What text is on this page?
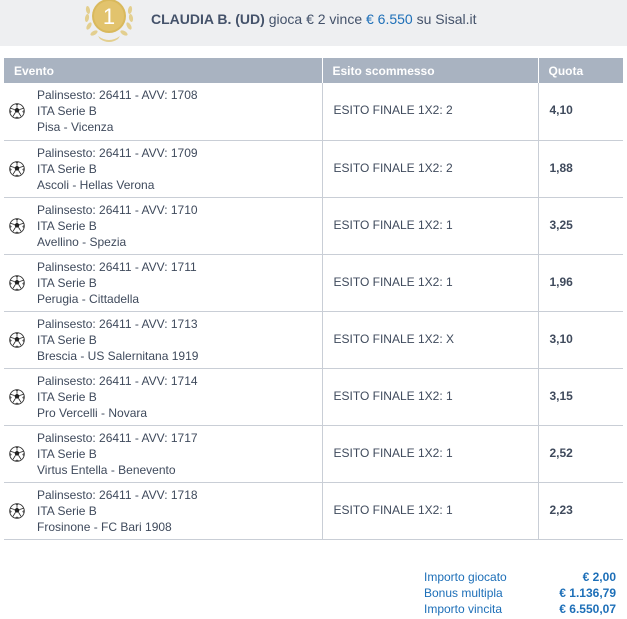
1	CLAUDIA B. (UD) gioca € 2 vince € 6.550 su Sisal.it
Evento	Esito scommesso	Quota

Palinsesto: 26411 - AVV: 1708
ITA Serie B
Pisa - Vicenza	ESITO FINALE 1X2: 2	4,10

Palinsesto: 26411 - AVV: 1709
ITA Serie B
Ascoli - Hellas Verona	ESITO FINALE 1X2: 2	1,88

Palinsesto: 26411 - AVV: 1710
ITA Serie B
Avellino - Spezia	ESITO FINALE 1X2: 1	3,25

Palinsesto: 26411 - AVV: 1711
ITA Serie B
Perugia - Cittadella	ESITO FINALE 1X2: 1	1,96

Palinsesto: 26411 - AVV: 1713
ITA Serie B
Brescia - US Salernitana 1919	ESITO FINALE 1X2: X	3,10

Palinsesto: 26411 - AVV: 1714
ITA Serie B
Pro Vercelli - Novara	ESITO FINALE 1X2: 1	3,15

Palinsesto: 26411 - AVV: 1717
ITA Serie B
Virtus Entella - Benevento	ESITO FINALE 1X2: 1	2,52

Palinsesto: 26411 - AVV: 1718
ITA Serie B
Frosinone - FC Bari 1908	ESITO FINALE 1X2: 1	2,23
Importo giocato	€ 2,00
Bonus multipla	€ 1.136,79
Importo vincita	€ 6.550,07
